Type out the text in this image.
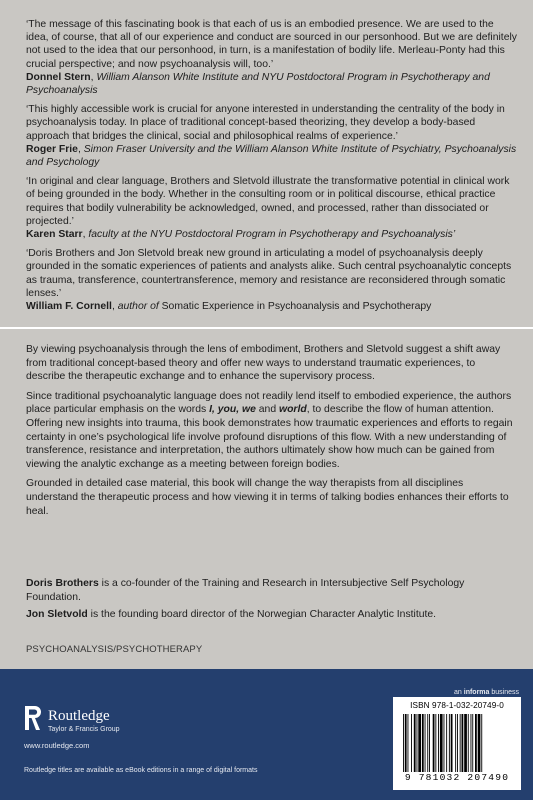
‘The message of this fascinating book is that each of us is an embodied presence. We are used to the idea, of course, that all of our experience and conduct are sourced in our personhood. But we are definitely not used to the idea that our personhood, in turn, is a manifestation of bodily life. Merleau-Ponty had this crucial perspective; and now psychoanalysis will, too.’

Donnel Stern, William Alanson White Institute and NYU Postdoctoral Program in Psychotherapy and Psychoanalysis

‘This highly accessible work is crucial for anyone interested in understanding the centrality of the body in psychoanalysis today. In place of traditional concept-based theorizing, they develop a body-based approach that bridges the clinical, social and philosophical realms of experience.’

Roger Frie, Simon Fraser University and the William Alanson White Institute of Psychiatry, Psychoanalysis and Psychology

‘In original and clear language, Brothers and Sletvold illustrate the transformative potential in clinical work of being grounded in the body. Whether in the consulting room or in political discourse, ethical practice requires that bodily vulnerability be acknowledged, owned, and processed, rather than dissociated or projected.’

Karen Starr, faculty at the NYU Postdoctoral Program in Psychotherapy and Psychoanalysis’

‘Doris Brothers and Jon Sletvold break new ground in articulating a model of psychoanalysis deeply grounded in the somatic experiences of patients and analysts alike. Such central psychoanalytic concepts as trauma, transference, countertransference, memory and resistance are reconsidered through somatic lenses.’

William F. Cornell, author of Somatic Experience in Psychoanalysis and Psychotherapy

By viewing psychoanalysis through the lens of embodiment, Brothers and Sletvold suggest a shift away from traditional concept-based theory and offer new ways to understand traumatic experiences, to describe the therapeutic exchange and to enhance the supervisory process.

Since traditional psychoanalytic language does not readily lend itself to embodied experience, the authors place particular emphasis on the words I, you, we and world, to describe the flow of human attention. Offering new insights into trauma, this book demonstrates how traumatic experiences and efforts to regain certainty in one’s psychological life involve profound disruptions of this flow. With a new understanding of transference, resistance and interpretation, the authors ultimately show how much can be gained from viewing the analytic exchange as a meeting between foreign bodies.

Grounded in detailed case material, this book will change the way therapists from all disciplines understand the therapeutic process and how viewing it in terms of talking bodies enhances their efforts to heal.

Doris Brothers is a co-founder of the Training and Research in Intersubjective Self Psychology Foundation.

Jon Sletvold is the founding board director of the Norwegian Character Analytic Institute.

PSYCHOANALYSIS/PSYCHOTHERAPY
an informa business
Routledge
Taylor & Francis Group
www.routledge.com
Routledge titles are available as eBook editions in a range of digital formats
ISBN 978-1-032-20749-0
9 781032 207490
